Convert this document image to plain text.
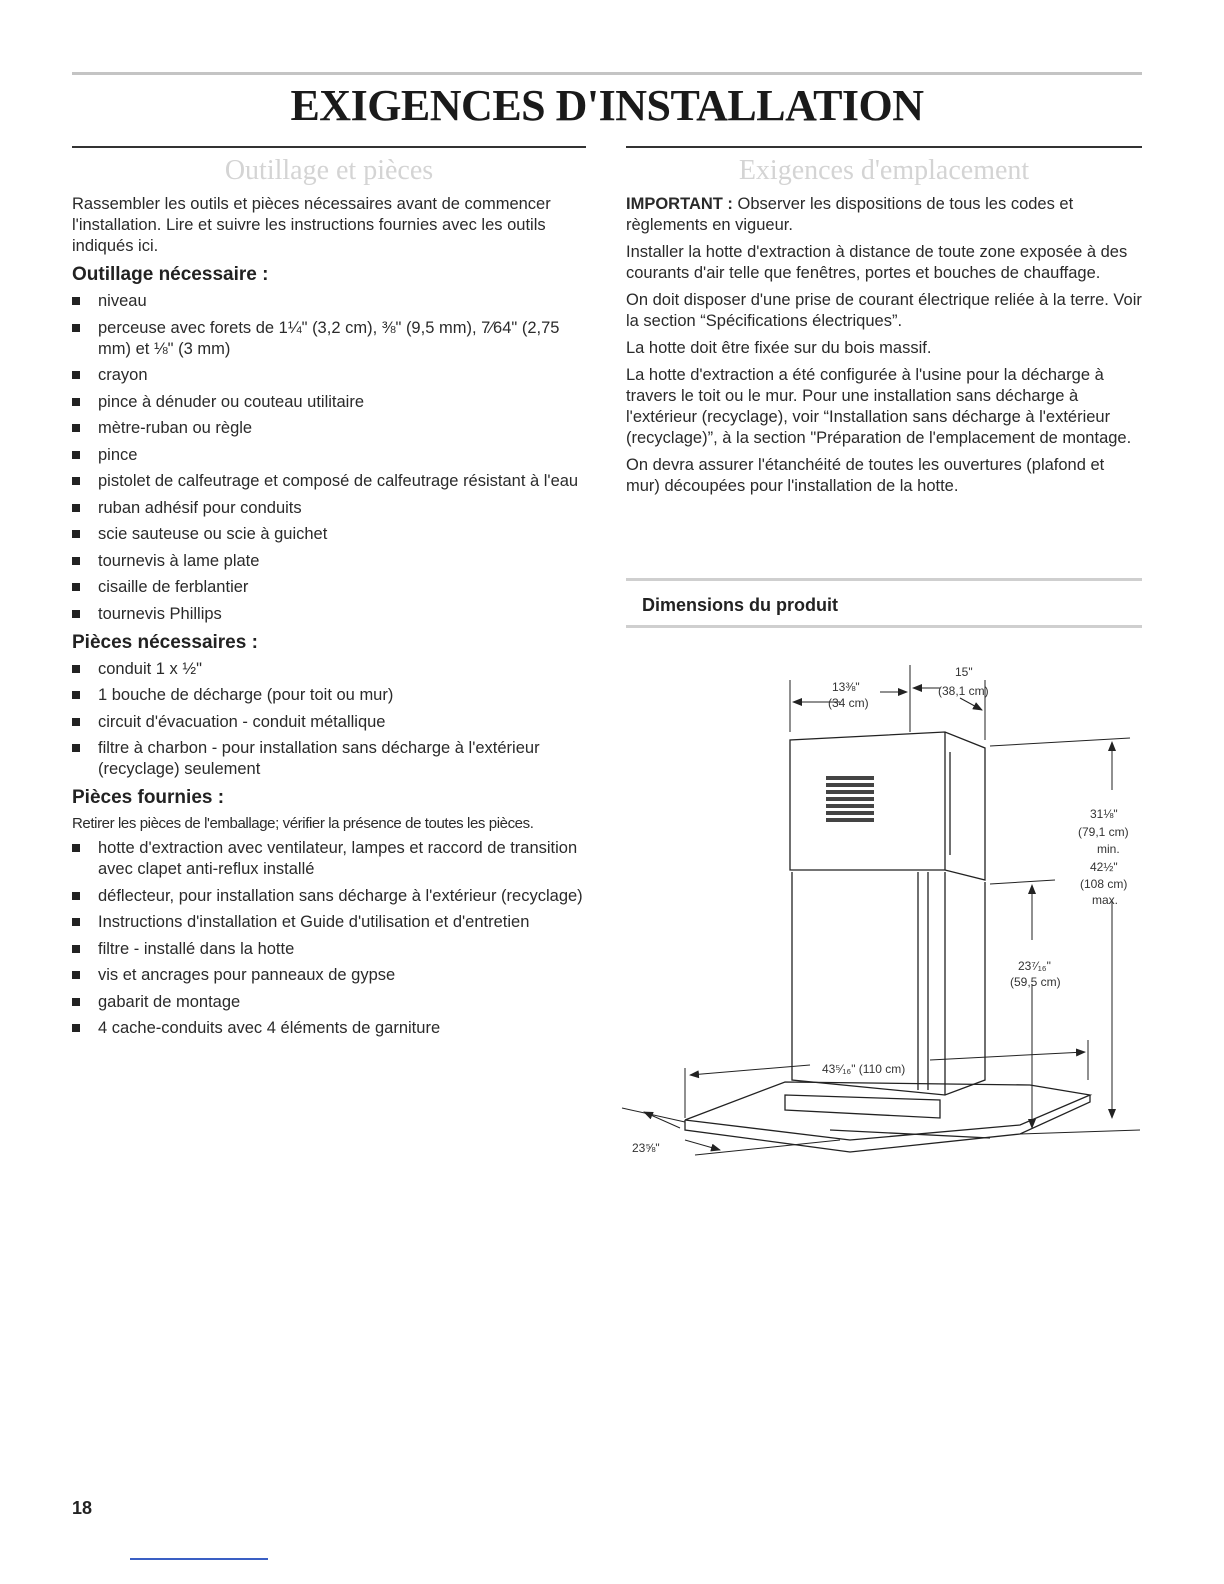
EXIGENCES D'INSTALLATION
Outillage et pièces

Rassembler les outils et pièces nécessaires avant de commencer l'installation. Lire et suivre les instructions fournies avec les outils indiqués ici.

Outillage nécessaire :
niveau
perceuse avec forets de 1¼" (3,2 cm), ⅜" (9,5 mm), 7⁄64" (2,75 mm) et ⅛" (3 mm)
crayon
pince à dénuder ou couteau utilitaire
mètre-ruban ou règle
pince
pistolet de calfeutrage et composé de calfeutrage résistant à l'eau
ruban adhésif pour conduits
scie sauteuse ou scie à guichet
tournevis à lame plate
cisaille de ferblantier
tournevis Phillips
Pièces nécessaires :
conduit 1 x ½"
1 bouche de décharge (pour toit ou mur)
circuit d'évacuation - conduit métallique
filtre à charbon - pour installation sans décharge à l'extérieur (recyclage) seulement
Pièces fournies :

Retirer les pièces de l'emballage; vérifier la présence de toutes les pièces.

hotte d'extraction avec ventilateur, lampes et raccord de transition avec clapet anti-reflux installé
déflecteur, pour installation sans décharge à l'extérieur (recyclage)
Instructions d'installation et Guide d'utilisation et d'entretien
filtre - installé dans la hotte
vis et ancrages pour panneaux de gypse
gabarit de montage
4 cache-conduits avec 4 éléments de garniture
Exigences d'emplacement

IMPORTANT : Observer les dispositions de tous les codes et règlements en vigueur.

Installer la hotte d'extraction à distance de toute zone exposée à des courants d'air telle que fenêtres, portes et bouches de chauffage.

On doit disposer d'une prise de courant électrique reliée à la terre. Voir la section “Spécifications électriques”.

La hotte doit être fixée sur du bois massif.

La hotte d'extraction a été configurée à l'usine pour la décharge à travers le toit ou le mur. Pour une installation sans décharge à l'extérieur (recyclage), voir “Installation sans décharge à l'extérieur (recyclage)”, à la section "Préparation de l'emplacement de montage.

On devra assurer l'étanchéité de toutes les ouvertures (plafond et mur) découpées pour l'installation de la hotte.

Dimensions du produit
13⅜"
(34 cm)
15"
(38,1 cm)
31⅛"
(79,1 cm)
min.
42½"
(108 cm)
max.
23⁷⁄₁₆"
(59,5 cm)
43⁵⁄₁₆" (110 cm)
23⅝"
18
